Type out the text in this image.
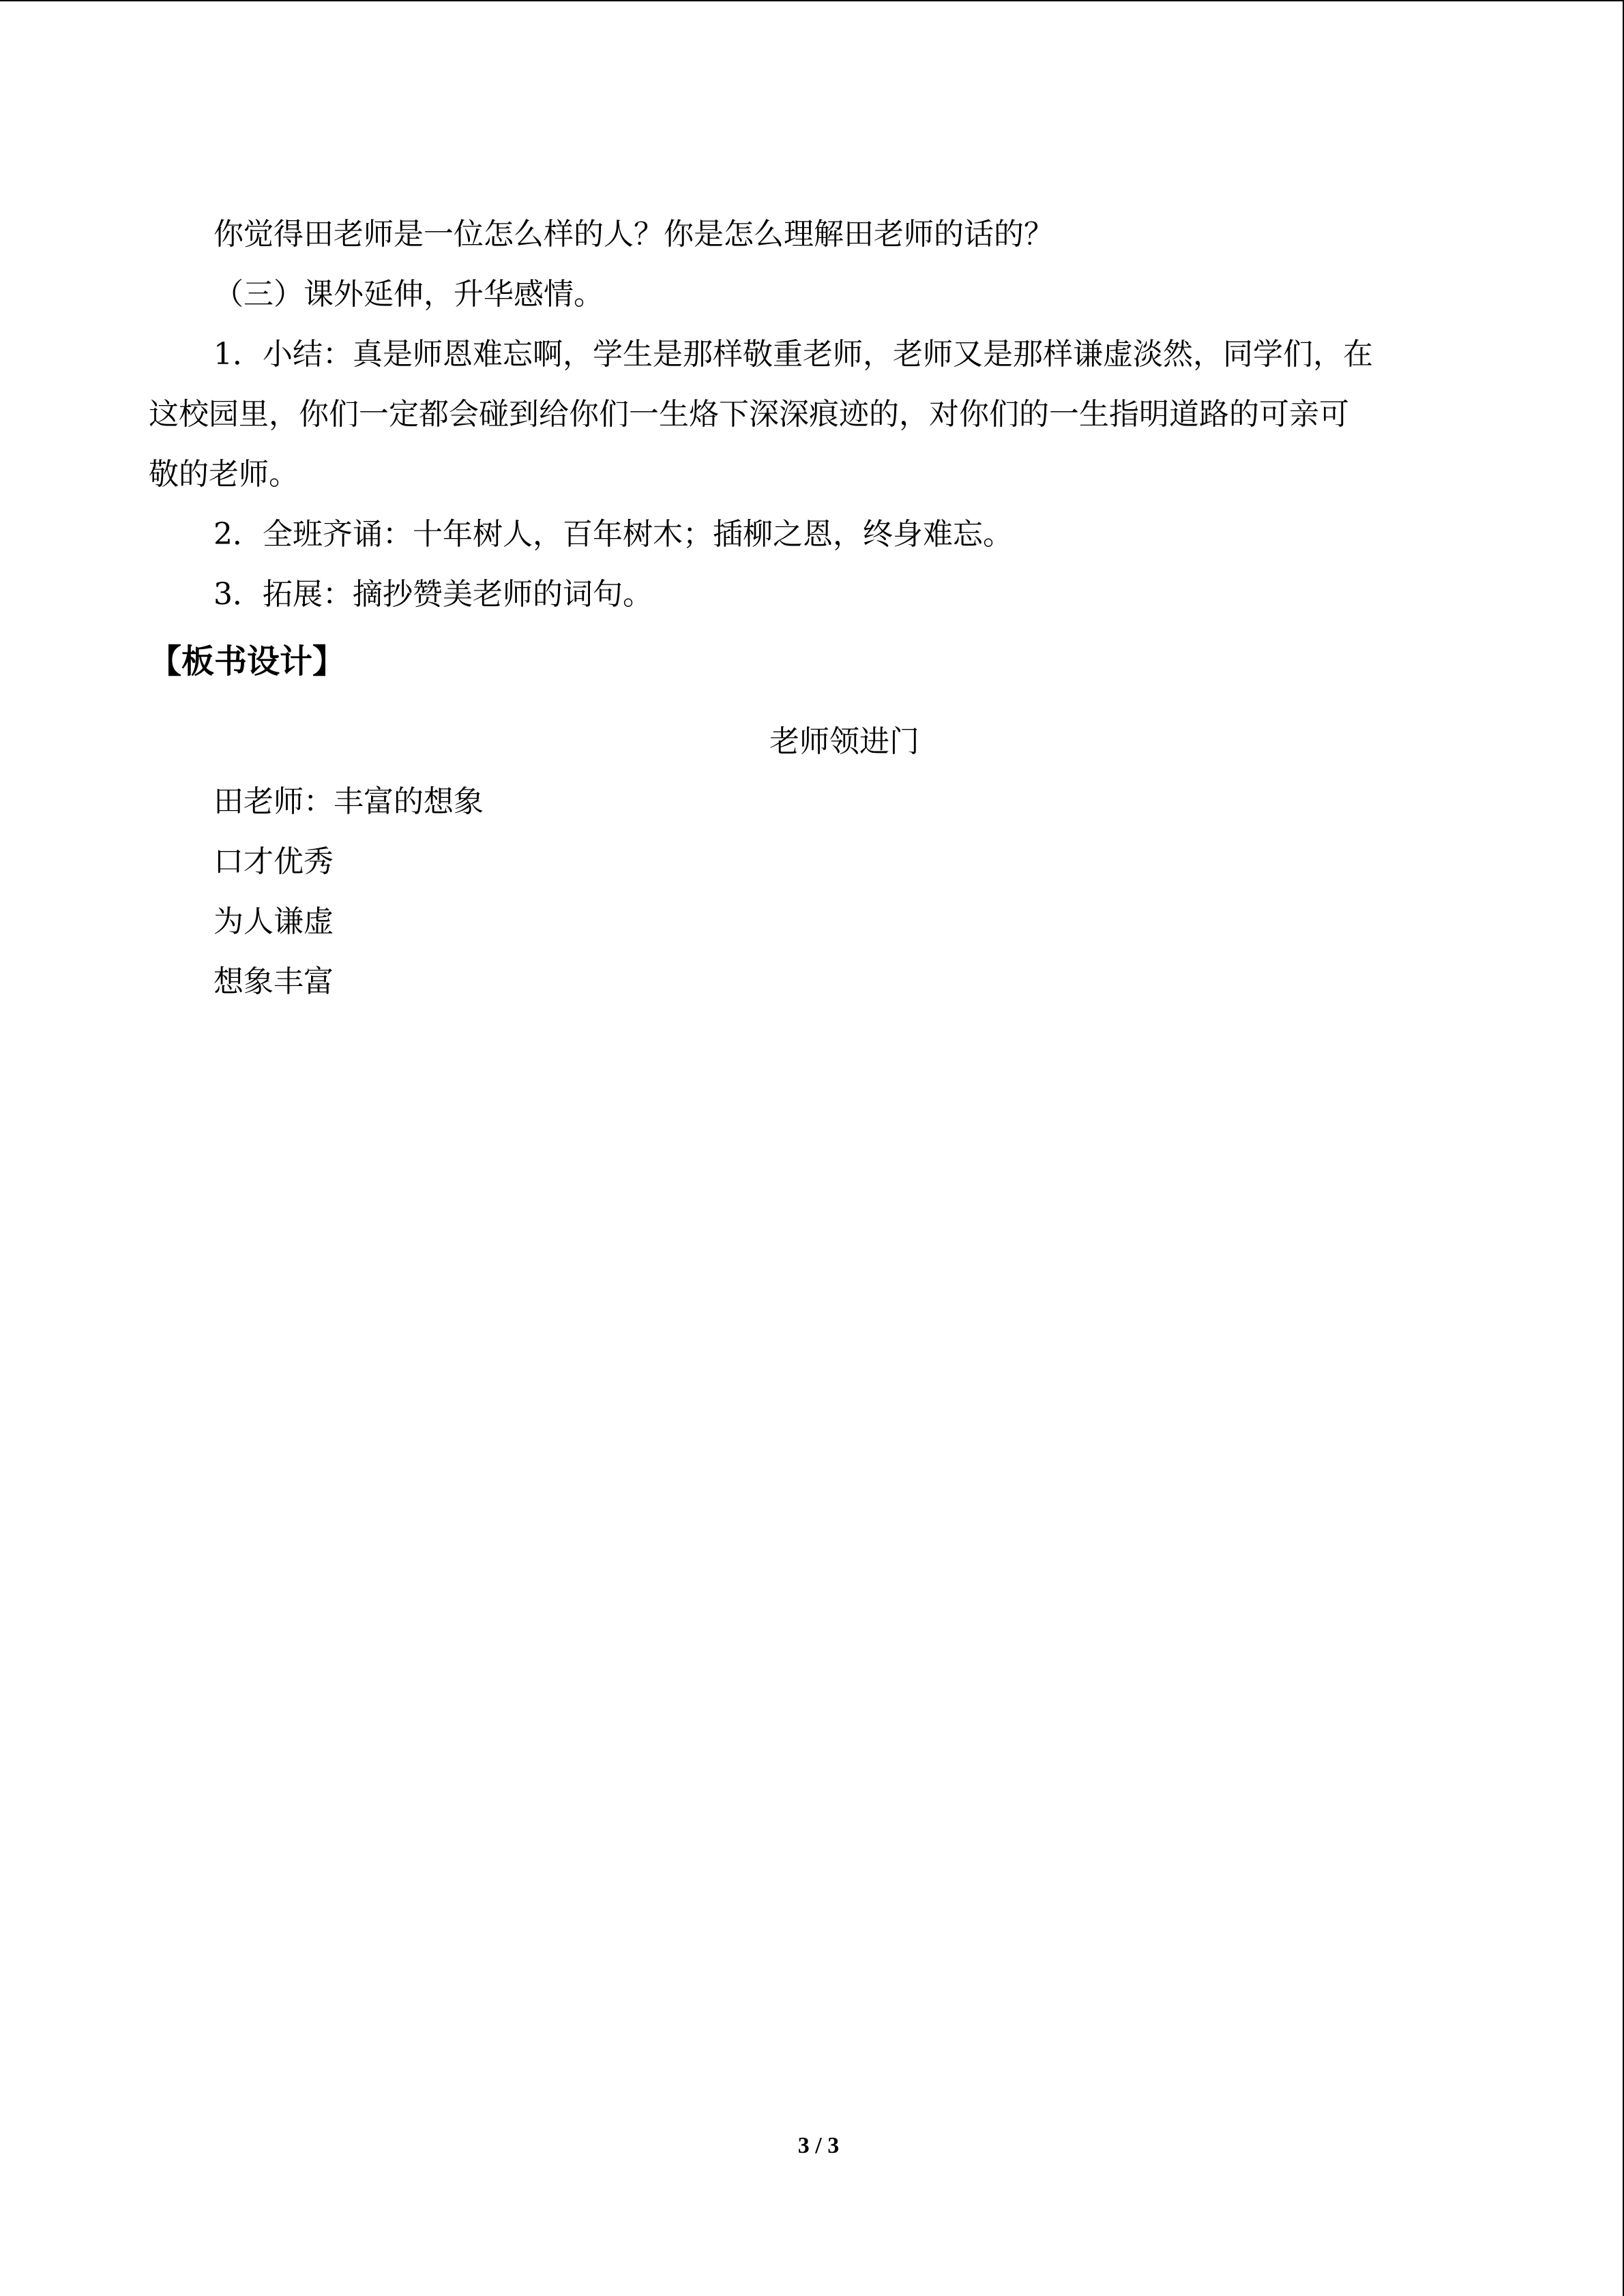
你觉得田老师是一位怎么样的人？你是怎么理解田老师的话的？
（三）课外延伸，升华感情。
1．小结：真是师恩难忘啊，学生是那样敬重老师，老师又是那样谦虚淡然，同学们，在
这校园里，你们一定都会碰到给你们一生烙下深深痕迹的，对你们的一生指明道路的可亲可
敬的老师。
2．全班齐诵：十年树人，百年树木；插柳之恩，终身难忘。
3．拓展：摘抄赞美老师的词句。
【板书设计】
老师领进门
田老师：丰富的想象
口才优秀
为人谦虚
想象丰富
3 / 3
